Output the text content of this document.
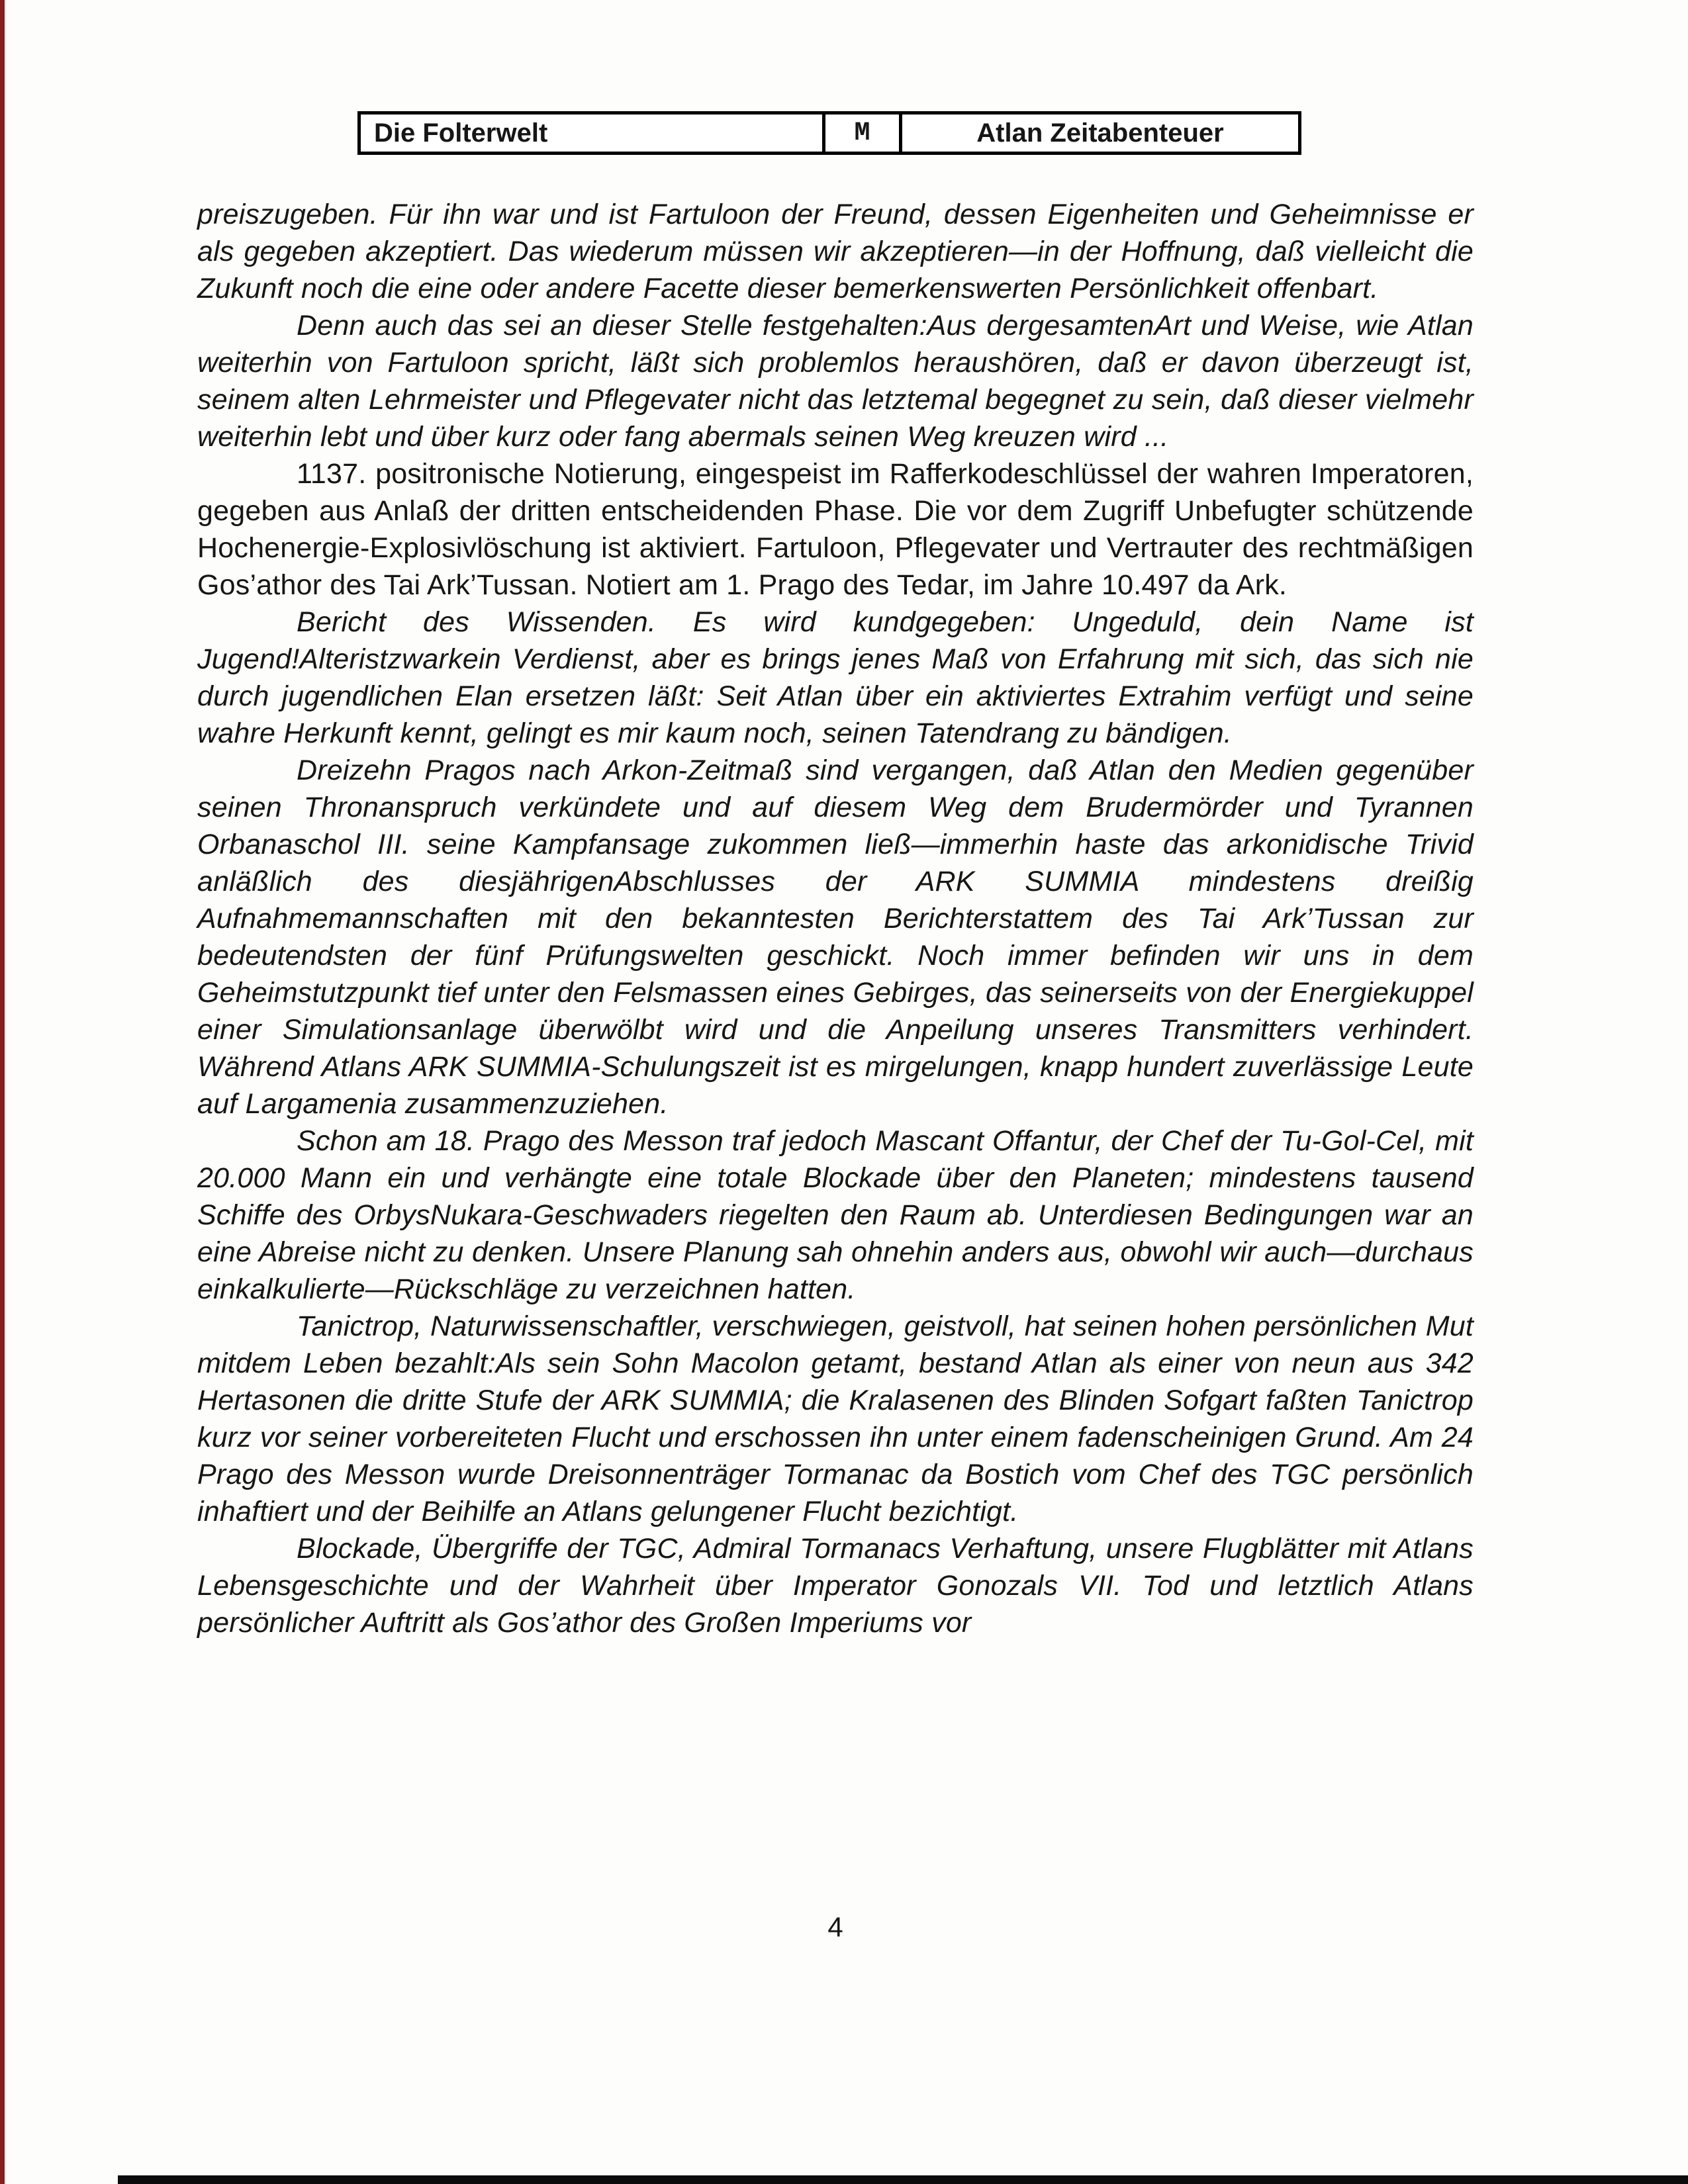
Die Folterwelt	M	Atlan Zeitabenteuer

preiszugeben. Für ihn war und ist Fartuloon der Freund, dessen Eigenheiten und Geheimnisse er als gegeben akzeptiert. Das wiederum müssen wir akzeptieren—in der Hoffnung, daß vielleicht die Zukunft noch die eine oder andere Facette dieser bemerkenswerten Persönlichkeit offenbart.

Denn auch das sei an dieser Stelle festgehalten:Aus dergesamtenArt und Weise, wie Atlan weiterhin von Fartuloon spricht, läßt sich problemlos heraushören, daß er davon überzeugt ist, seinem alten Lehrmeister und Pflegevater nicht das letztemal begegnet zu sein, daß dieser vielmehr weiterhin lebt und über kurz oder fang abermals seinen Weg kreuzen wird ...

1137. positronische Notierung, eingespeist im Rafferkodeschlüssel der wahren Imperatoren, gegeben aus Anlaß der dritten entscheidenden Phase. Die vor dem Zugriff Unbefugter schützende Hochenergie-Explosivlöschung ist aktiviert. Fartuloon, Pflegevater und Vertrauter des rechtmäßigen Gos’athor des Tai Ark’Tussan. Notiert am 1. Prago des Tedar, im Jahre 10.497 da Ark.

Bericht des Wissenden. Es wird kundgegeben: Ungeduld, dein Name ist Jugend!Alteristzwarkein Verdienst, aber es brings jenes Maß von Erfahrung mit sich, das sich nie durch jugendlichen Elan ersetzen läßt: Seit Atlan über ein aktiviertes Extrahim verfügt und seine wahre Herkunft kennt, gelingt es mir kaum noch, seinen Tatendrang zu bändigen.

Dreizehn Pragos nach Arkon-Zeitmaß sind vergangen, daß Atlan den Medien gegenüber seinen Thronanspruch verkündete und auf diesem Weg dem Brudermörder und Tyrannen Orbanaschol III. seine Kampfansage zukommen ließ—immerhin haste das arkonidische Trivid anläßlich des diesjährigenAbschlusses der ARK SUMMIA mindestens dreißig Aufnahmemannschaften mit den bekanntesten Berichterstattem des Tai Ark’Tussan zur bedeutendsten der fünf Prüfungswelten geschickt. Noch immer befinden wir uns in dem Geheimstutzpunkt tief unter den Felsmassen eines Gebirges, das seinerseits von der Energiekuppel einer Simulationsanlage überwölbt wird und die Anpeilung unseres Transmitters verhindert. Während Atlans ARK SUMMIA-Schulungszeit ist es mirgelungen, knapp hundert zuverlässige Leute auf Largamenia zusammenzuziehen.

Schon am 18. Prago des Messon traf jedoch Mascant Offantur, der Chef der Tu-Gol-Cel, mit 20.000 Mann ein und verhängte eine totale Blockade über den Planeten; mindestens tausend Schiffe des OrbysNukara-Geschwaders riegelten den Raum ab. Unterdiesen Bedingungen war an eine Abreise nicht zu denken. Unsere Planung sah ohnehin anders aus, obwohl wir auch—durchaus einkalkulierte—Rückschläge zu verzeichnen hatten.

Tanictrop, Naturwissenschaftler, verschwiegen, geistvoll, hat seinen hohen persönlichen Mut mitdem Leben bezahlt:Als sein Sohn Macolon getamt, bestand Atlan als einer von neun aus 342 Hertasonen die dritte Stufe der ARK SUMMIA; die Kralasenen des Blinden Sofgart faßten Tanictrop kurz vor seiner vorbereiteten Flucht und erschossen ihn unter einem fadenscheinigen Grund. Am 24 Prago des Messon wurde Dreisonnenträger Tormanac da Bostich vom Chef des TGC persönlich inhaftiert und der Beihilfe an Atlans gelungener Flucht bezichtigt.

Blockade, Übergriffe der TGC, Admiral Tormanacs Verhaftung, unsere Flugblätter mit Atlans Lebensgeschichte und der Wahrheit über Imperator Gonozals VII. Tod und letztlich Atlans persönlicher Auftritt als Gos’athor des Großen Imperiums vor

4
